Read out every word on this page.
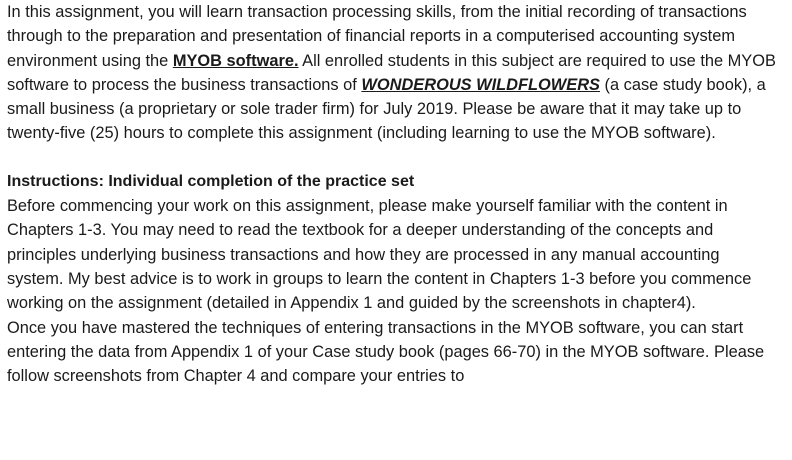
In this assignment, you will learn transaction processing skills, from the initial recording of transactions through to the preparation and presentation of financial reports in a computerised accounting system environment using the MYOB software. All enrolled students in this subject are required to use the MYOB software to process the business transactions of WONDEROUS WILDFLOWERS (a case study book), a small business (a proprietary or sole trader firm) for July 2019. Please be aware that it may take up to twenty-five (25) hours to complete this assignment (including learning to use the MYOB software).

Instructions: Individual completion of the practice set

Before commencing your work on this assignment, please make yourself familiar with the content in Chapters 1-3. You may need to read the textbook for a deeper understanding of the concepts and principles underlying business transactions and how they are processed in any manual accounting system. My best advice is to work in groups to learn the content in Chapters 1-3 before you commence working on the assignment (detailed in Appendix 1 and guided by the screenshots in chapter4).

Once you have mastered the techniques of entering transactions in the MYOB software, you can start entering the data from Appendix 1 of your Case study book (pages 66-70) in the MYOB software. Please follow screenshots from Chapter 4 and compare your entries to
